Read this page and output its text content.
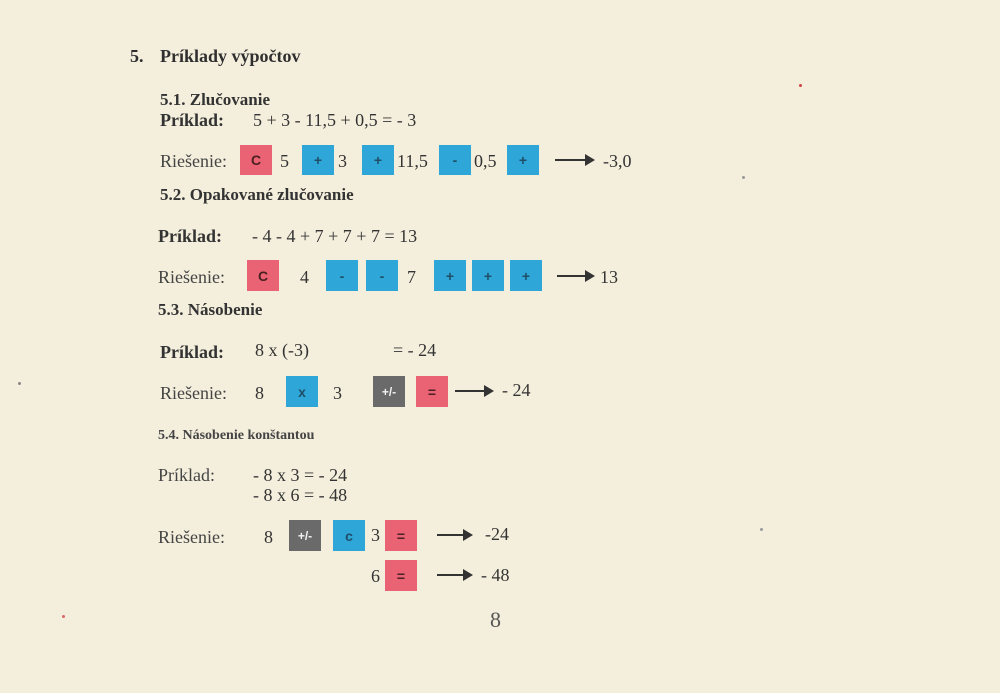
5. Príklady výpočtov
5.1. Zlučovanie
Príklad: 5 + 3 - 11,5 + 0,5 = - 3
Riešenie:	C	5	+ 3	+ 11,5	- 0,5	+	-3,0
5.2. Opakované zlučovanie
Príklad: - 4 - 4 + 7 + 7 + 7 = 13
Riešenie:	C	4	-	-	7	+	+	+	13
5.3. Násobenie
Príklad: 8 x (-3)	= - 24
Riešenie: 8	x	3	+/-	=	- 24
5.4. Násobenie konštantou
Príklad: - 8 x 3 = - 24
- 8 x 6 = - 48
Riešenie: 8	+/-	c	3	=	-24
6	=	- 48
8
